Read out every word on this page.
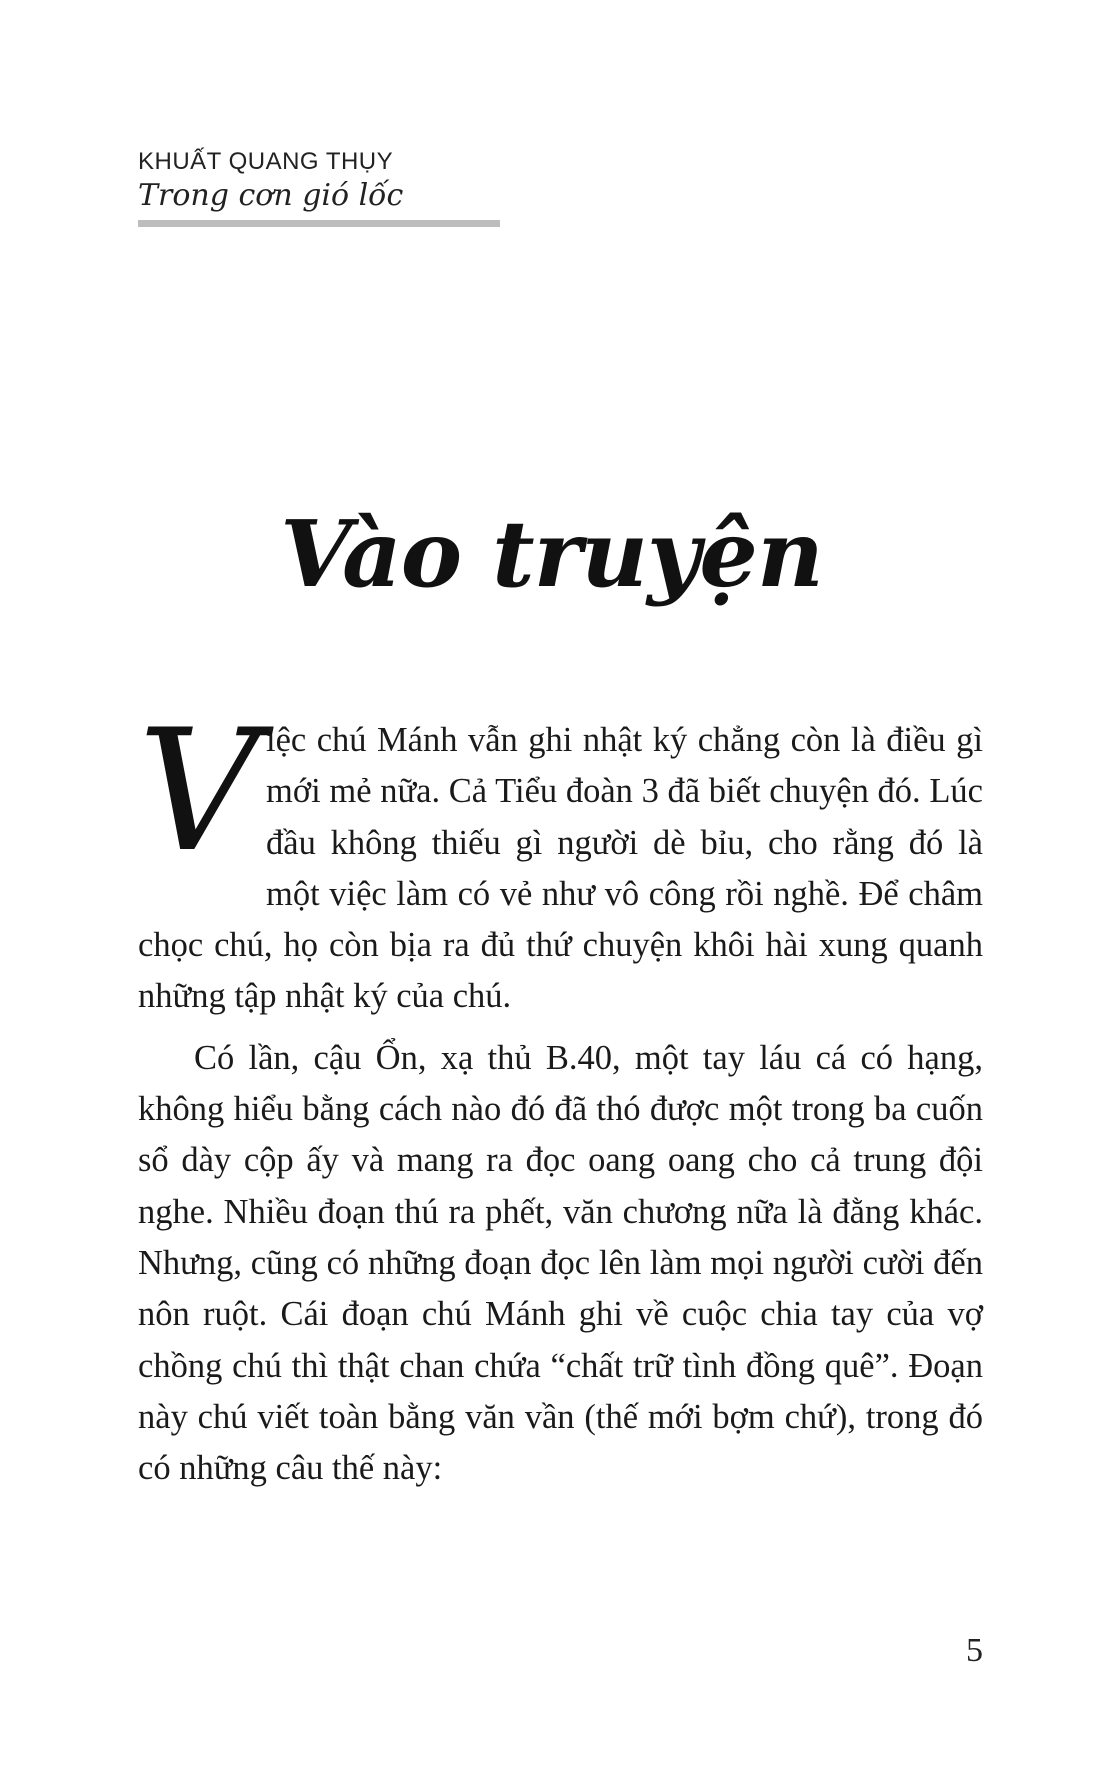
KHUẤT QUANG THỤY
Trong cơn gió lốc
Vào truyện

Việc chú Mánh vẫn ghi nhật ký chẳng còn là điều gì mới mẻ nữa. Cả Tiểu đoàn 3 đã biết chuyện đó. Lúc đầu không thiếu gì người dè bỉu, cho rằng đó là một việc làm có vẻ như vô công rồi nghề. Để châm chọc chú, họ còn bịa ra đủ thứ chuyện khôi hài xung quanh những tập nhật ký của chú.

Có lần, cậu Ổn, xạ thủ B.40, một tay láu cá có hạng, không hiểu bằng cách nào đó đã thó được một trong ba cuốn sổ dày cộp ấy và mang ra đọc oang oang cho cả trung đội nghe. Nhiều đoạn thú ra phết, văn chương nữa là đằng khác. Nhưng, cũng có những đoạn đọc lên làm mọi người cười đến nôn ruột. Cái đoạn chú Mánh ghi về cuộc chia tay của vợ chồng chú thì thật chan chứa “chất trữ tình đồng quê”. Đoạn này chú viết toàn bằng văn vần (thế mới bợm chứ), trong đó có những câu thế này:

5
